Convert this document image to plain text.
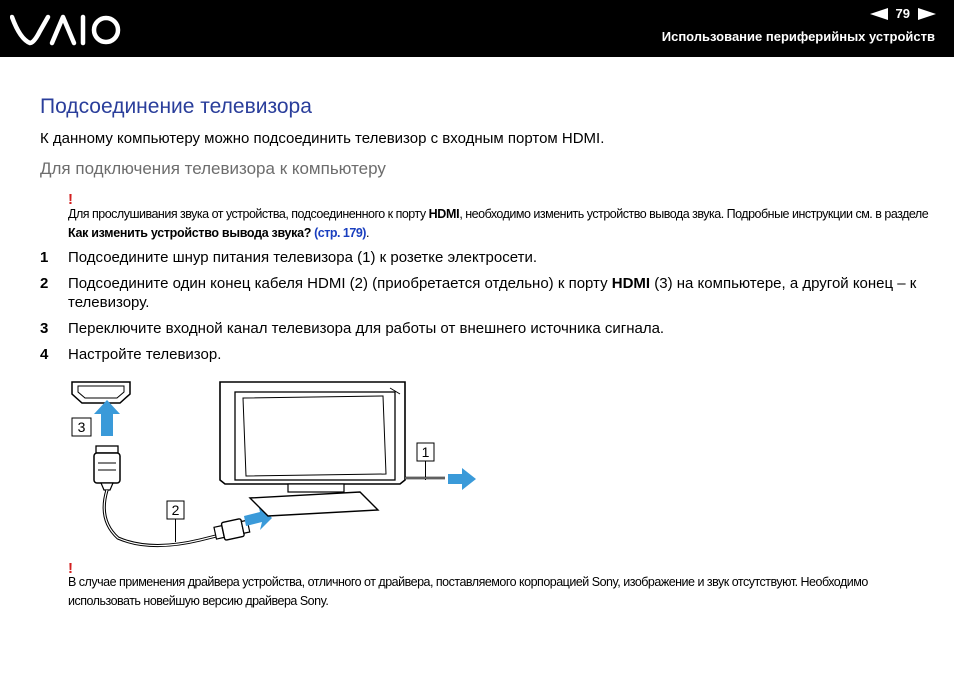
79
Использование периферийных устройств
Подсоединение телевизора
К данному компьютеру можно подсоединить телевизор с входным портом HDMI.
Для подключения телевизора к компьютеру
!
Для прослушивания звука от устройства, подсоединенного к порту HDMI, необходимо изменить устройство вывода звука. Подробные инструкции см. в разделе
Как изменить устройство вывода звука? (стр. 179).
1 Подсоедините шнур питания телевизора (1) к розетке электросети.
2 Подсоедините один конец кабеля HDMI (2) (приобретается отдельно) к порту HDMI (3) на компьютере, а другой конец – к телевизору.
3 Переключите входной канал телевизора для работы от внешнего источника сигнала.
4 Настройте телевизор.
3
2
1
!
В случае применения драйвера устройства, отличного от драйвера, поставляемого корпорацией Sony, изображение и звук отсутствуют. Необходимо использовать новейшую версию драйвера Sony.
